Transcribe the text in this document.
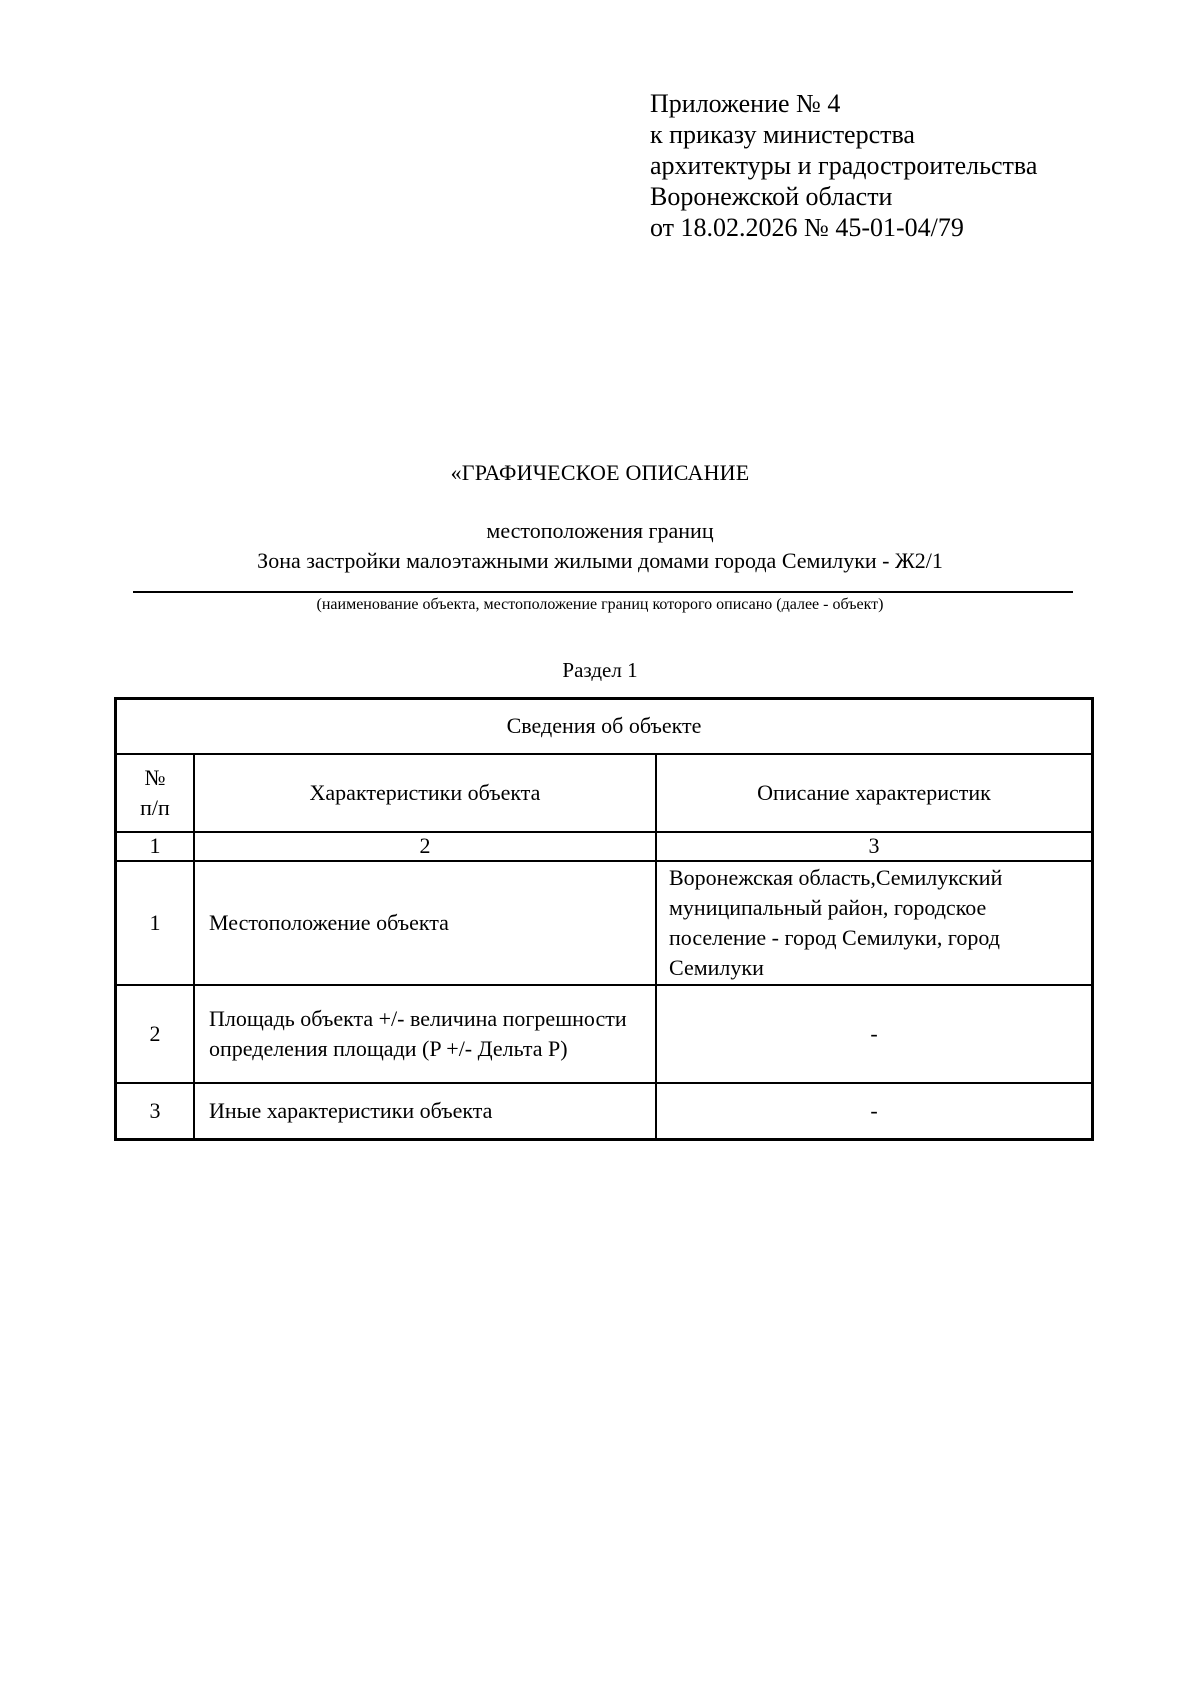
Приложение № 4
к приказу министерства
архитектуры и градостроительства
Воронежской области
от 18.02.2026 № 45-01-04/79
«ГРАФИЧЕСКОЕ ОПИСАНИЕ
местоположения границ
Зона застройки малоэтажными жилыми домами города Семилуки - Ж2/1
(наименование объекта, местоположение границ которого описано (далее - объект)
Раздел 1
Сведения об объекте		

№
п/п	Характеристики объекта	Описание характеристик
1	2	3
1	Местоположение объекта	Воронежская область,Семилукский муниципальный район, городское поселение - город Семилуки, город Семилуки
2	Площадь объекта +/- величина погрешности определения площади (P +/- Дельта P)	-
3	Иные характеристики объекта	-
